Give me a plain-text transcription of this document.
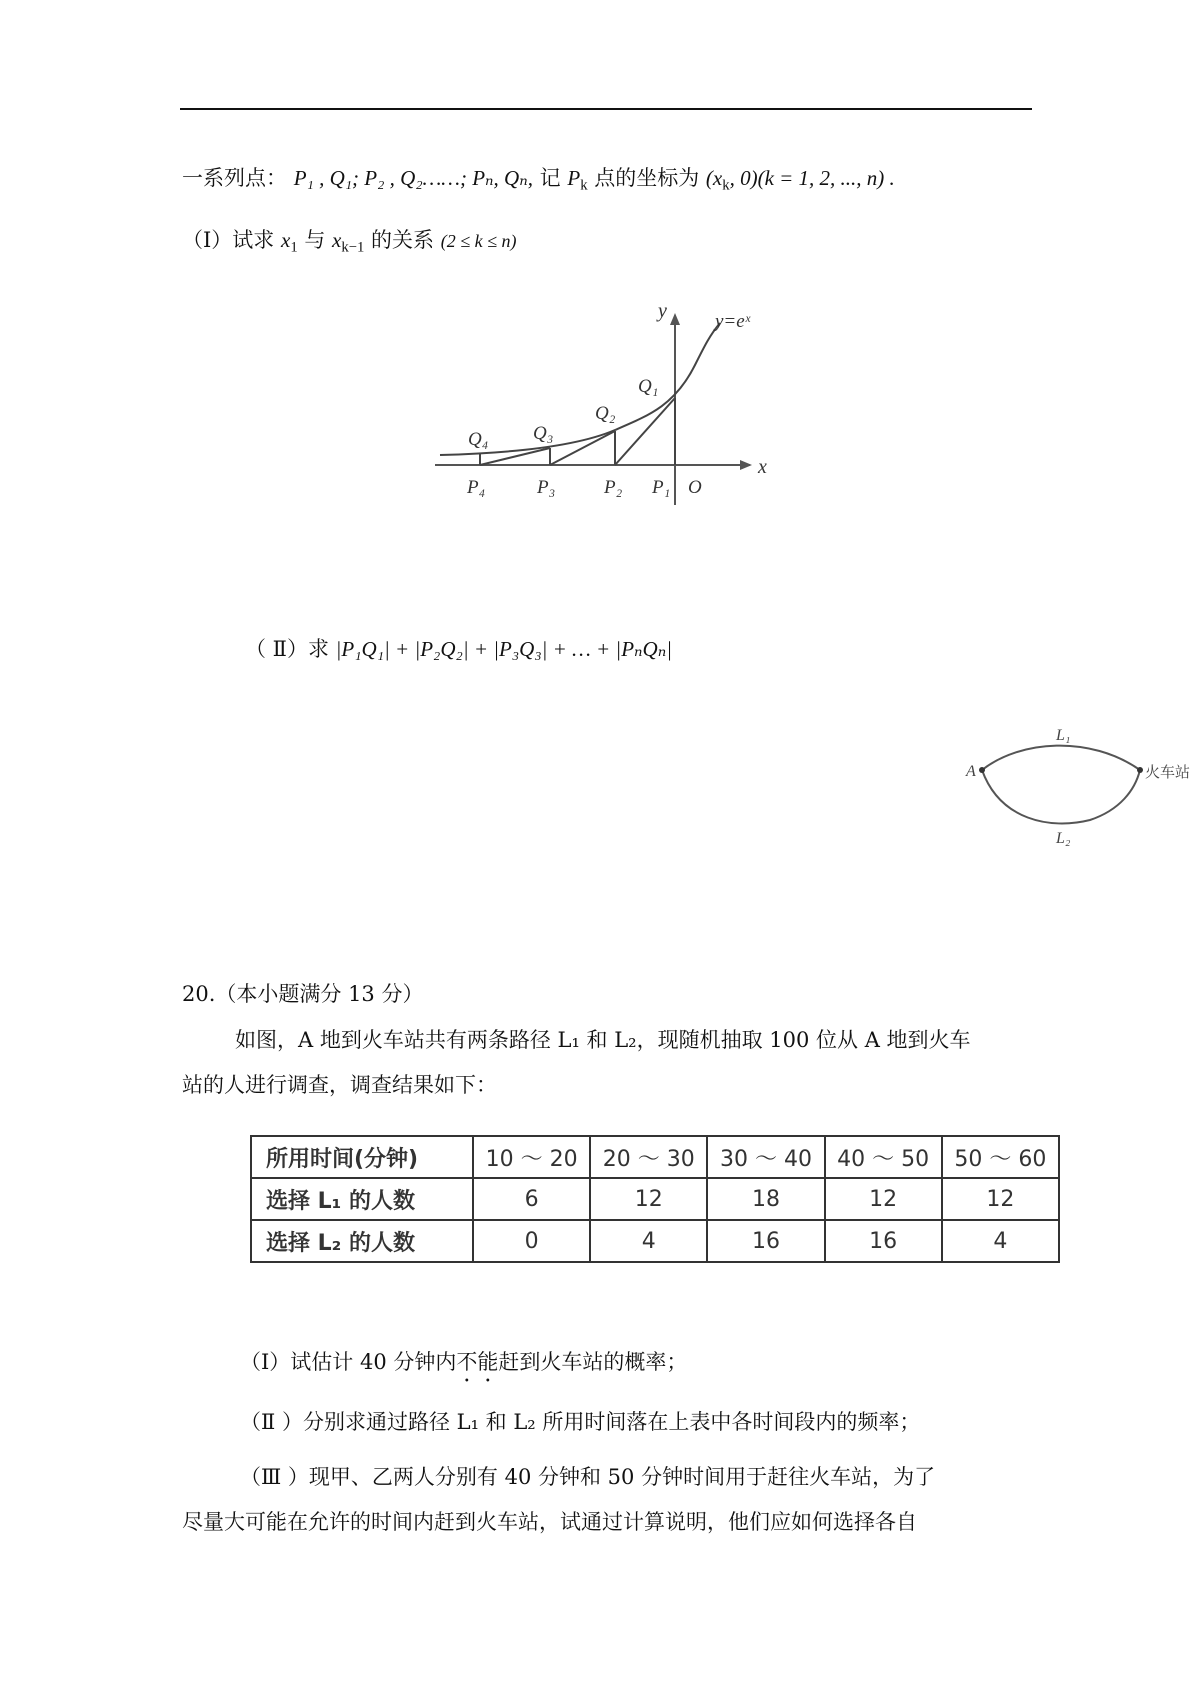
一系列点： P₁ , Q₁; P₂ , Q₂……; Pₙ, Qₙ, 记 $P_k$ 点的坐标为 ($x_k$, 0)(k = 1, 2, ..., n) .
（Ⅰ）试求 $x_1$ 与 $x_{k-1}$ 的关系 (2 ≤ k ≤ n)
y
x
y=eˣ
Q₁
Q₂
Q₃
Q₄
P₁
P₂
P₃
P₄	O
（ Ⅱ）求 |P₁Q₁| + |P₂Q₂| + |P₃Q₃| + … + |PₙQₙ|
A	火车站
L₁
L₂
20.（本小题满分 13 分）
如图，A 地到火车站共有两条路径 L₁ 和 L₂，现随机抽取 100 位从 A 地到火车
站的人进行调查，调查结果如下：
所用时间(分钟)	10 ～ 20	20 ～ 30	30 ～ 40	40 ～ 50	50 ～ 60
选择 L₁ 的人数	6	12	18	12	12
选择 L₂ 的人数	0	4	16	16	4
（Ⅰ）试估计 40 分钟内不能赶到火车站的概率；
（Ⅱ ）分别求通过路径 L₁ 和 L₂ 所用时间落在上表中各时间段内的频率；
（Ⅲ ）现甲、乙两人分别有 40 分钟和 50 分钟时间用于赶往火车站，为了
尽量大可能在允许的时间内赶到火车站，试通过计算说明，他们应如何选择各自
